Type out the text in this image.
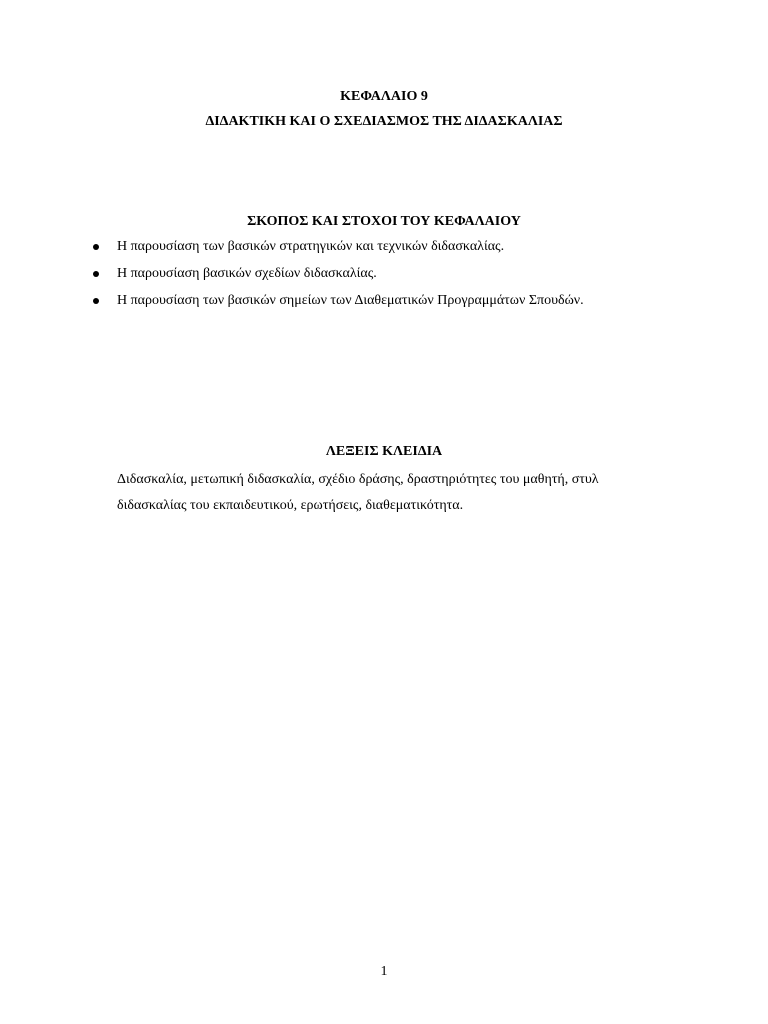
ΚΕΦΑΛΑΙΟ 9
ΔΙΔΑΚΤΙΚΗ ΚΑΙ Ο ΣΧΕΔΙΑΣΜΟΣ ΤΗΣ ΔΙΔΑΣΚΑΛΙΑΣ
ΣΚΟΠΟΣ ΚΑΙ ΣΤΟΧΟΙ ΤΟΥ ΚΕΦΑΛΑΙΟΥ
Η παρουσίαση των βασικών στρατηγικών και τεχνικών διδασκαλίας.
Η παρουσίαση βασικών σχεδίων διδασκαλίας.
Η παρουσίαση των βασικών σημείων των Διαθεματικών Προγραμμάτων Σπουδών.
ΛΕΞΕΙΣ ΚΛΕΙΔΙΑ
Διδασκαλία, μετωπική διδασκαλία, σχέδιο δράσης, δραστηριότητες του μαθητή, στυλ
διδασκαλίας του εκπαιδευτικού, ερωτήσεις, διαθεματικότητα.
1
